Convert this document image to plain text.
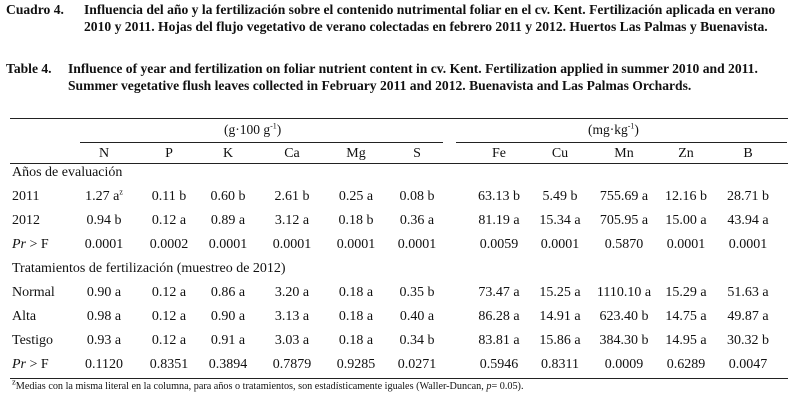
Cuadro 4.	Influencia del año y la fertilización sobre el contenido nutrimental foliar en el cv. Kent. Fertilización aplicada en verano 2010 y 2011. Hojas del flujo vegetativo de verano colectadas en febrero 2011 y 2012. Huertos Las Palmas y Buenavista.
Table 4.	Influence of year and fertilization on foliar nutrient content in cv. Kent. Fertilization applied in summer 2010 and 2011. Summer vegetative flush leaves collected in February 2011 and 2012. Buenavista and Las Palmas Orchards.
(g·100 $g^{-1}$)	$(mg\cdot kg^{-1})$
N	P	K	Ca	Mg	S	Fe	Cu	Mn	Zn	B
Años de evaluación
2011	1.27 $a^z$	0.11 b	0.60 b	2.61 b	0.25 a	0.08 b	63.13 b	5.49 b	755.69 a	12.16 b	28.71 b
2012	0.94 b	0.12 a	0.89 a	3.12 a	0.18 b	0.36 a	81.19 a	15.34 a	705.95 a	15.00 a	43.94 a
Pr > F	0.0001	0.0002	0.0001	0.0001	0.0001	0.0001	0.0059	0.0001	0.5870	0.0001	0.0001
Tratamientos de fertilización (muestreo de 2012)
Normal	0.90 a	0.12 a	0.86 a	3.20 a	0.18 a	0.35 b	73.47 a	15.25 a	1110.10 a	15.29 a	51.63 a
Alta	0.98 a	0.12 a	0.90 a	3.13 a	0.18 a	0.40 a	86.28 a	14.91 a	623.40 b	14.75 a	49.87 a
Testigo	0.93 a	0.12 a	0.91 a	3.03 a	0.18 a	0.34 b	83.81 a	15.86 a	384.30 b	14.95 a	30.32 b
Pr > F	0.1120	0.8351	0.3894	0.7879	0.9285	0.0271	0.5946	0.8311	0.0009	0.6289	0.0047
$^z$Medias con la misma literal en la columna, para años o tratamientos, son estadísticamente iguales (Waller-Duncan, p= 0.05).
